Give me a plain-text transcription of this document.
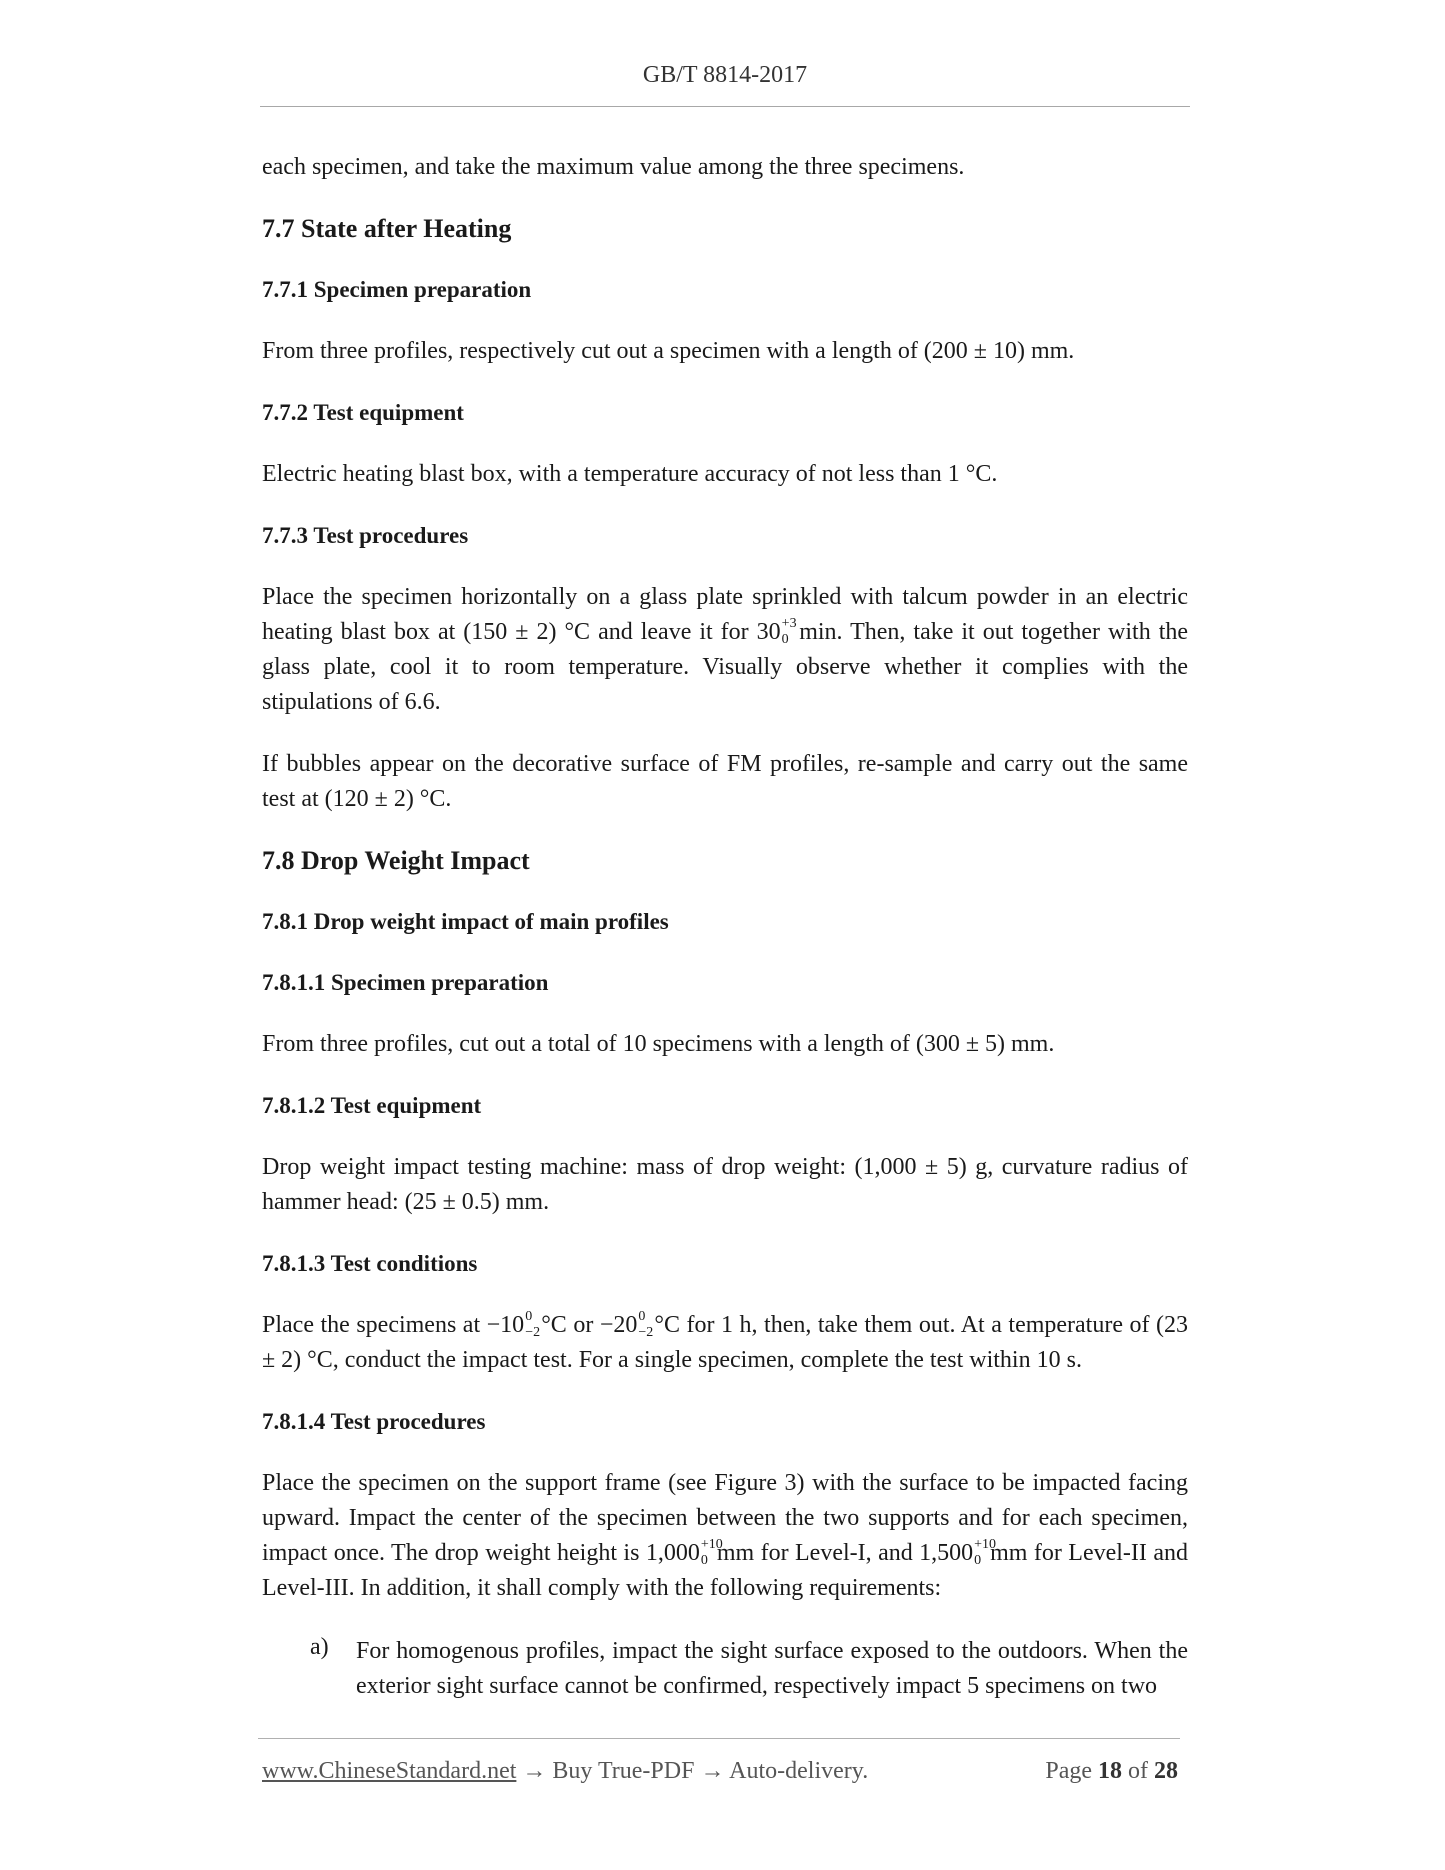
GB/T 8814-2017

each specimen, and take the maximum value among the three specimens.

7.7 State after Heating
7.7.1 Specimen preparation

From three profiles, respectively cut out a specimen with a length of (200 ± 10) mm.

7.7.2 Test equipment

Electric heating blast box, with a temperature accuracy of not less than 1 °C.

7.7.3 Test procedures

Place the specimen horizontally on a glass plate sprinkled with talcum powder in an electric heating blast box at (150 ± 2) °C and leave it for 30 +3
0 min. Then, take it out together with the glass plate, cool it to room temperature. Visually observe whether it complies with the stipulations of 6.6.

If bubbles appear on the decorative surface of FM profiles, re-sample and carry out the same test at (120 ± 2) °C.

7.8 Drop Weight Impact
7.8.1 Drop weight impact of main profiles
7.8.1.1 Specimen preparation

From three profiles, cut out a total of 10 specimens with a length of (300 ± 5) mm.

7.8.1.2 Test equipment

Drop weight impact testing machine: mass of drop weight: (1,000 ± 5) g, curvature radius of hammer head: (25 ± 0.5) mm.

7.8.1.3 Test conditions

Place the specimens at −10 0
−2 °C or −20 0
−2 °C for 1 h, then, take them out. At a temperature of (23 ± 2) °C, conduct the impact test. For a single specimen, complete the test within 10 s.

7.8.1.4 Test procedures

Place the specimen on the support frame (see Figure 3) with the surface to be impacted facing upward. Impact the center of the specimen between the two supports and for each specimen, impact once. The drop weight height is 1,000 +10
0 mm for Level-I, and 1,500 +10
0 mm for Level-II and Level-III. In addition, it shall comply with the following requirements:

a) For homogenous profiles, impact the sight surface exposed to the outdoors. When the exterior sight surface cannot be confirmed, respectively impact 5 specimens on two

www.ChineseStandard.net → Buy True-PDF → Auto-delivery.	Page 18 of 28
